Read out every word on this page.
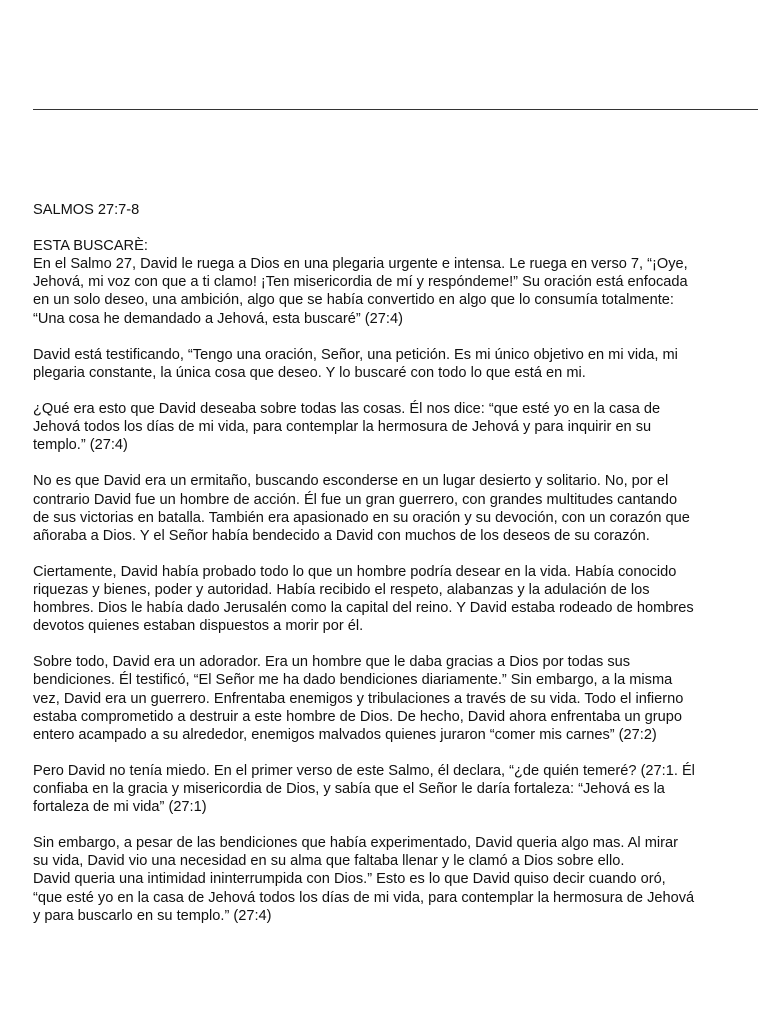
SALMOS 27:7-8
ESTA BUSCARÈ:

En el Salmo 27, David le ruega a Dios en una plegaria urgente e intensa. Le ruega en verso 7, “¡Oye,
Jehová, mi voz con que a ti clamo! ¡Ten misericordia de mí y respóndeme!” Su oración está enfocada
en un solo deseo, una ambición, algo que se había convertido en algo que lo consumía totalmente:
“Una cosa he demandado a Jehová, esta buscaré” (27:4)

David está testificando, “Tengo una oración, Señor, una petición. Es mi único objetivo en mi vida, mi
plegaria constante, la única cosa que deseo. Y lo buscaré con todo lo que está en mi.

¿Qué era esto que David deseaba sobre todas las cosas. Él nos dice: “que esté yo en la casa de
Jehová todos los días de mi vida, para contemplar la hermosura de Jehová y para inquirir en su
templo.” (27:4)

No es que David era un ermitaño, buscando esconderse en un lugar desierto y solitario. No, por el
contrario David fue un hombre de acción. Él fue un gran guerrero, con grandes multitudes cantando
de sus victorias en batalla. También era apasionado en su oración y su devoción, con un corazón que
añoraba a Dios. Y el Señor había bendecido a David con muchos de los deseos de su corazón.

Ciertamente, David había probado todo lo que un hombre podría desear en la vida. Había conocido
riquezas y bienes, poder y autoridad. Había recibido el respeto, alabanzas y la adulación de los
hombres. Dios le había dado Jerusalén como la capital del reino. Y David estaba rodeado de hombres
devotos quienes estaban dispuestos a morir por él.

Sobre todo, David era un adorador. Era un hombre que le daba gracias a Dios por todas sus
bendiciones. Él testificó, “El Señor me ha dado bendiciones diariamente.” Sin embargo, a la misma
vez, David era un guerrero. Enfrentaba enemigos y tribulaciones a través de su vida. Todo el infierno
estaba comprometido a destruir a este hombre de Dios. De hecho, David ahora enfrentaba un grupo
entero acampado a su alrededor, enemigos malvados quienes juraron “comer mis carnes” (27:2)

Pero David no tenía miedo. En el primer verso de este Salmo, él declara, “¿de quién temeré? (27:1. Él
confiaba en la gracia y misericordia de Dios, y sabía que el Señor le daría fortaleza: “Jehová es la
fortaleza de mi vida” (27:1)

Sin embargo, a pesar de las bendiciones que había experimentado, David queria algo mas. Al mirar
su vida, David vio una necesidad en su alma que faltaba llenar y le clamó a Dios sobre ello.
David queria una intimidad ininterrumpida con Dios.” Esto es lo que David quiso decir cuando oró,
“que esté yo en la casa de Jehová todos los días de mi vida, para contemplar la hermosura de Jehová
y para buscarlo en su templo.” (27:4)
